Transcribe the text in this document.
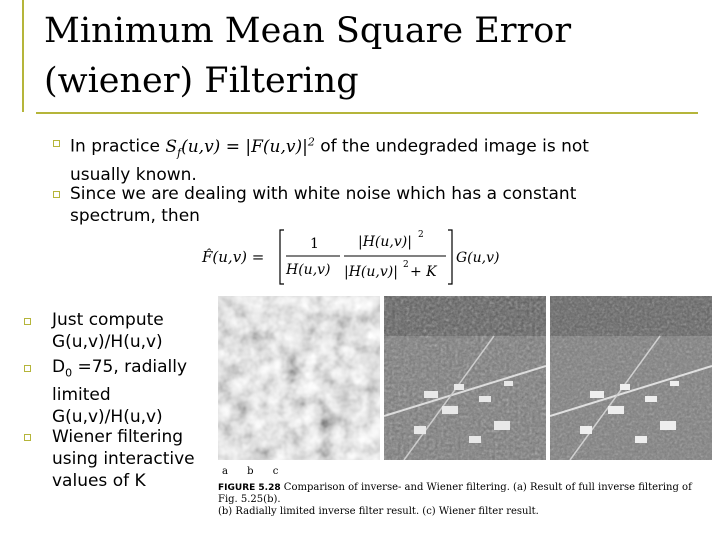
Minimum Mean Square Error
(wiener) Filtering
In practice $S_f(u,v) = |F(u,v)|^2$ of the undegraded image is not
usually known.
Since we are dealing with white noise which has a constant
spectrum, then
F̂(u,v) =
1
H(u,v)
|H(u,v)| 2
|H(u,v)| 2 + K
G(u,v)
Just compute
G(u,v)/H(u,v)
$D_0 =75$, radially
limited
G(u,v)/H(u,v)
Wiener filtering
using interactive
values of K	a b c
FIGURE 5.28 Comparison of inverse- and Wiener filtering. (a) Result of full inverse filtering of Fig. 5.25(b).
(b) Radially limited inverse filter result. (c) Wiener filter result.
